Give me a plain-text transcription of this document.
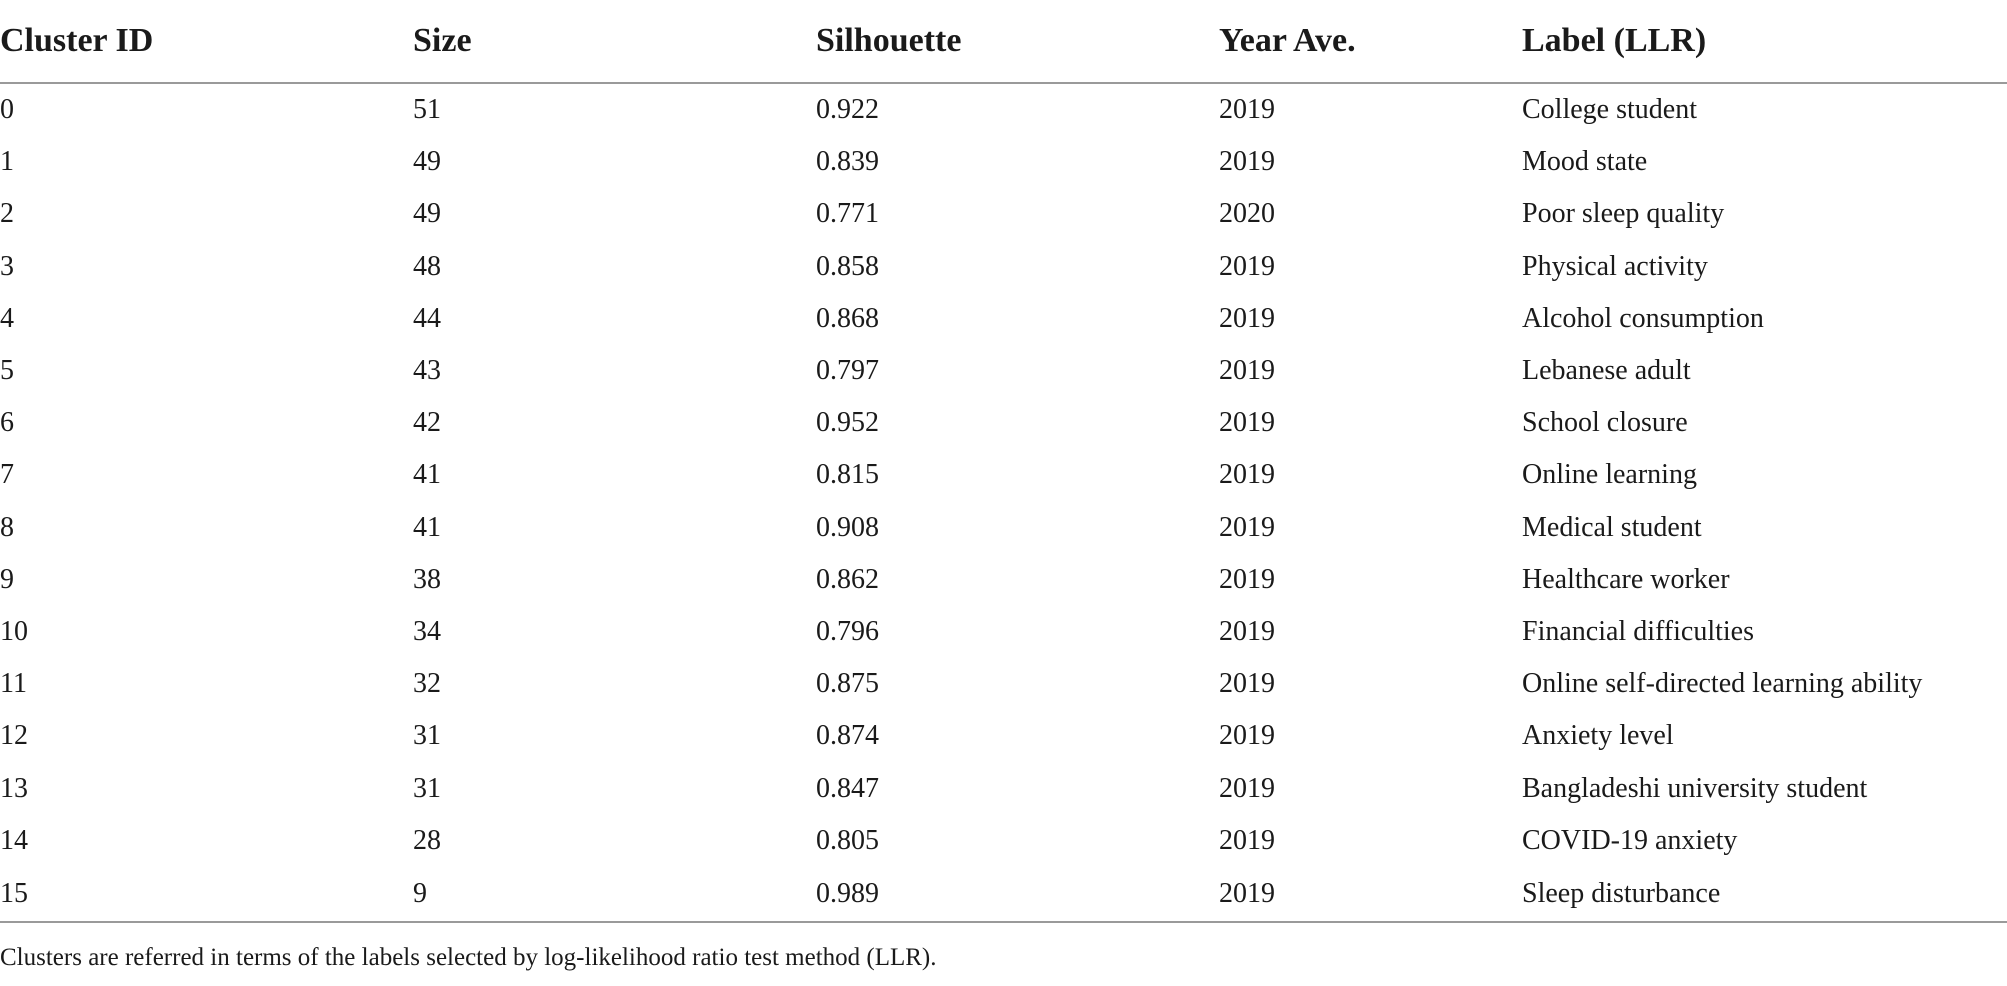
Cluster ID	Size	Silhouette	Year Ave.	Label (LLR)
0	51	0.922	2019	College student
1	49	0.839	2019	Mood state
2	49	0.771	2020	Poor sleep quality
3	48	0.858	2019	Physical activity
4	44	0.868	2019	Alcohol consumption
5	43	0.797	2019	Lebanese adult
6	42	0.952	2019	School closure
7	41	0.815	2019	Online learning
8	41	0.908	2019	Medical student
9	38	0.862	2019	Healthcare worker
10	34	0.796	2019	Financial difficulties
11	32	0.875	2019	Online self-directed learning ability
12	31	0.874	2019	Anxiety level
13	31	0.847	2019	Bangladeshi university student
14	28	0.805	2019	COVID-19 anxiety
15	9	0.989	2019	Sleep disturbance
Clusters are referred in terms of the labels selected by log-likelihood ratio test method (LLR).
